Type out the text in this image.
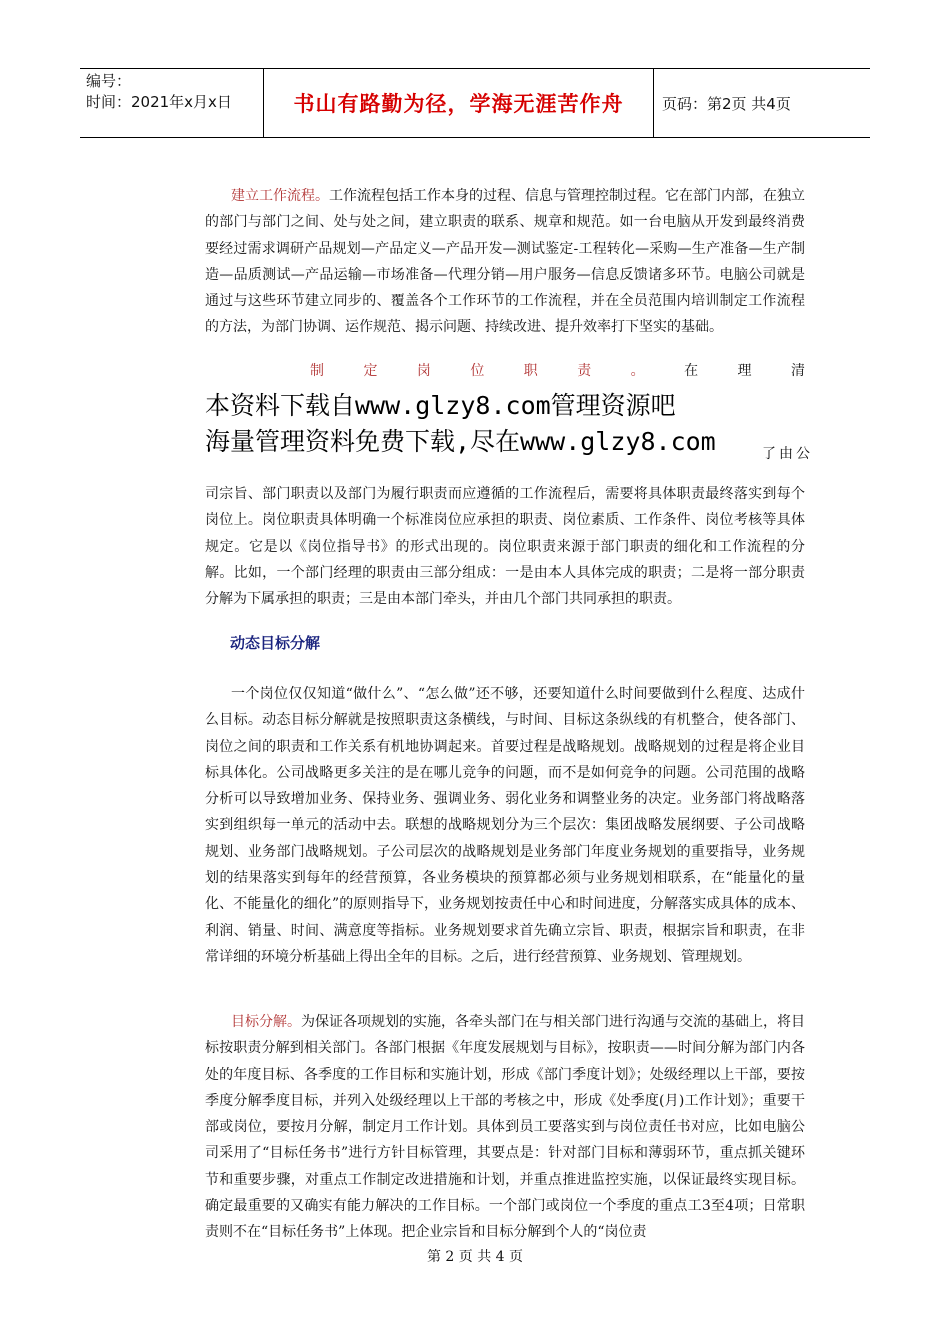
编号：
时间：2021年x月x日	书山有路勤为径，学海无涯苦作舟	页码：第2页 共4页

建立工作流程。工作流程包括工作本身的过程、信息与管理控制过程。它在部门内部，在独立的部门与部门之间、处与处之间，建立职责的联系、规章和规范。如一台电脑从开发到最终消费要经过需求调研产品规划—产品定义—产品开发—测试鉴定-工程转化—采购—生产准备—生产制造—品质测试—产品运输—市场准备—代理分销—用户服务—信息反馈诸多环节。电脑公司就是通过与这些环节建立同步的、覆盖各个工作环节的工作流程，并在全员范围内培训制定工作流程的方法，为部门协调、运作规范、揭示问题、持续改进、提升效率打下坚实的基础。

制	定	岗	位	职	责	。	在	理	清
本资料下载自www.glzy8.com管理资源吧
海量管理资料免费下载,尽在www.glzy8.com	了由公

司宗旨、部门职责以及部门为履行职责而应遵循的工作流程后，需要将具体职责最终落实到每个岗位上。岗位职责具体明确一个标准岗位应承担的职责、岗位素质、工作条件、岗位考核等具体规定。它是以《岗位指导书》的形式出现的。岗位职责来源于部门职责的细化和工作流程的分解。比如，一个部门经理的职责由三部分组成：一是由本人具体完成的职责；二是将一部分职责分解为下属承担的职责；三是由本部门牵头，并由几个部门共同承担的职责。

动态目标分解

一个岗位仅仅知道“做什么”、“怎么做”还不够，还要知道什么时间要做到什么程度、达成什么目标。动态目标分解就是按照职责这条横线，与时间、目标这条纵线的有机整合，使各部门、岗位之间的职责和工作关系有机地协调起来。首要过程是战略规划。战略规划的过程是将企业目标具体化。公司战略更多关注的是在哪儿竞争的问题，而不是如何竞争的问题。公司范围的战略分析可以导致增加业务、保持业务、强调业务、弱化业务和调整业务的决定。业务部门将战略落实到组织每一单元的活动中去。联想的战略规划分为三个层次：集团战略发展纲要、子公司战略规划、业务部门战略规划。子公司层次的战略规划是业务部门年度业务规划的重要指导，业务规划的结果落实到每年的经营预算，各业务模块的预算都必须与业务规划相联系，在“能量化的量化、不能量化的细化”的原则指导下，业务规划按责任中心和时间进度，分解落实成具体的成本、利润、销量、时间、满意度等指标。业务规划要求首先确立宗旨、职责，根据宗旨和职责，在非常详细的环境分析基础上得出全年的目标。之后，进行经营预算、业务规划、管理规划。

目标分解。为保证各项规划的实施，各牵头部门在与相关部门进行沟通与交流的基础上，将目标按职责分解到相关部门。各部门根据《年度发展规划与目标》，按职责——时间分解为部门内各处的年度目标、各季度的工作目标和实施计划，形成《部门季度计划》；处级经理以上干部，要按季度分解季度目标，并列入处级经理以上干部的考核之中，形成《处季度(月)工作计划》；重要干部或岗位，要按月分解，制定月工作计划。具体到员工要落实到与岗位责任书对应，比如电脑公司采用了“目标任务书”进行方针目标管理，其要点是：针对部门目标和薄弱环节，重点抓关键环节和重要步骤，对重点工作制定改进措施和计划，并重点推进监控实施，以保证最终实现目标。确定最重要的又确实有能力解决的工作目标。一个部门或岗位一个季度的重点工3至4项；日常职责则不在“目标任务书”上体现。把企业宗旨和目标分解到个人的“岗位责

第 2 页 共 4 页
